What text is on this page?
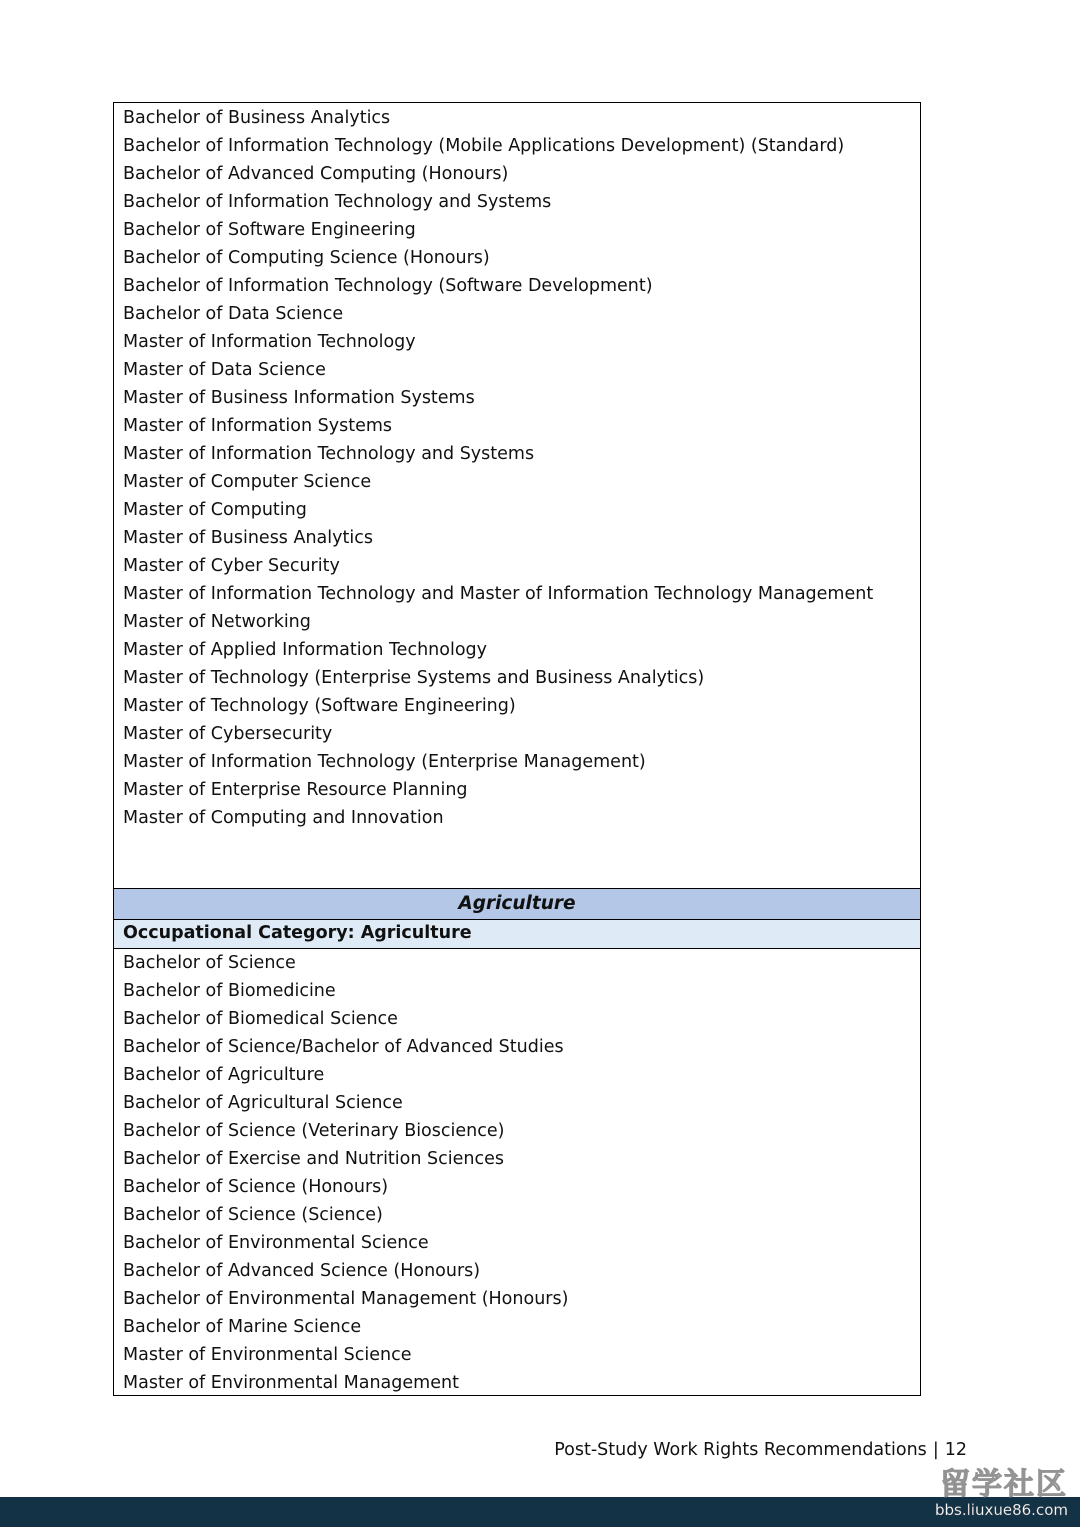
Bachelor of Business Analytics
Bachelor of Information Technology (Mobile Applications Development) (Standard)
Bachelor of Advanced Computing (Honours)
Bachelor of Information Technology and Systems
Bachelor of Software Engineering
Bachelor of Computing Science (Honours)
Bachelor of Information Technology (Software Development)
Bachelor of Data Science
Master of Information Technology
Master of Data Science
Master of Business Information Systems
Master of Information Systems
Master of Information Technology and Systems
Master of Computer Science
Master of Computing
Master of Business Analytics
Master of Cyber Security
Master of Information Technology and Master of Information Technology Management
Master of Networking
Master of Applied Information Technology
Master of Technology (Enterprise Systems and Business Analytics)
Master of Technology (Software Engineering)
Master of Cybersecurity
Master of Information Technology (Enterprise Management)
Master of Enterprise Resource Planning
Master of Computing and Innovation
Agriculture
Occupational Category: Agriculture
Bachelor of Science
Bachelor of Biomedicine
Bachelor of Biomedical Science
Bachelor of Science/Bachelor of Advanced Studies
Bachelor of Agriculture
Bachelor of Agricultural Science
Bachelor of Science (Veterinary Bioscience)
Bachelor of Exercise and Nutrition Sciences
Bachelor of Science (Honours)
Bachelor of Science (Science)
Bachelor of Environmental Science
Bachelor of Advanced Science (Honours)
Bachelor of Environmental Management (Honours)
Bachelor of Marine Science
Master of Environmental Science
Master of Environmental Management
Post-Study Work Rights Recommendations | 12
留学社区
bbs.liuxue86.com
